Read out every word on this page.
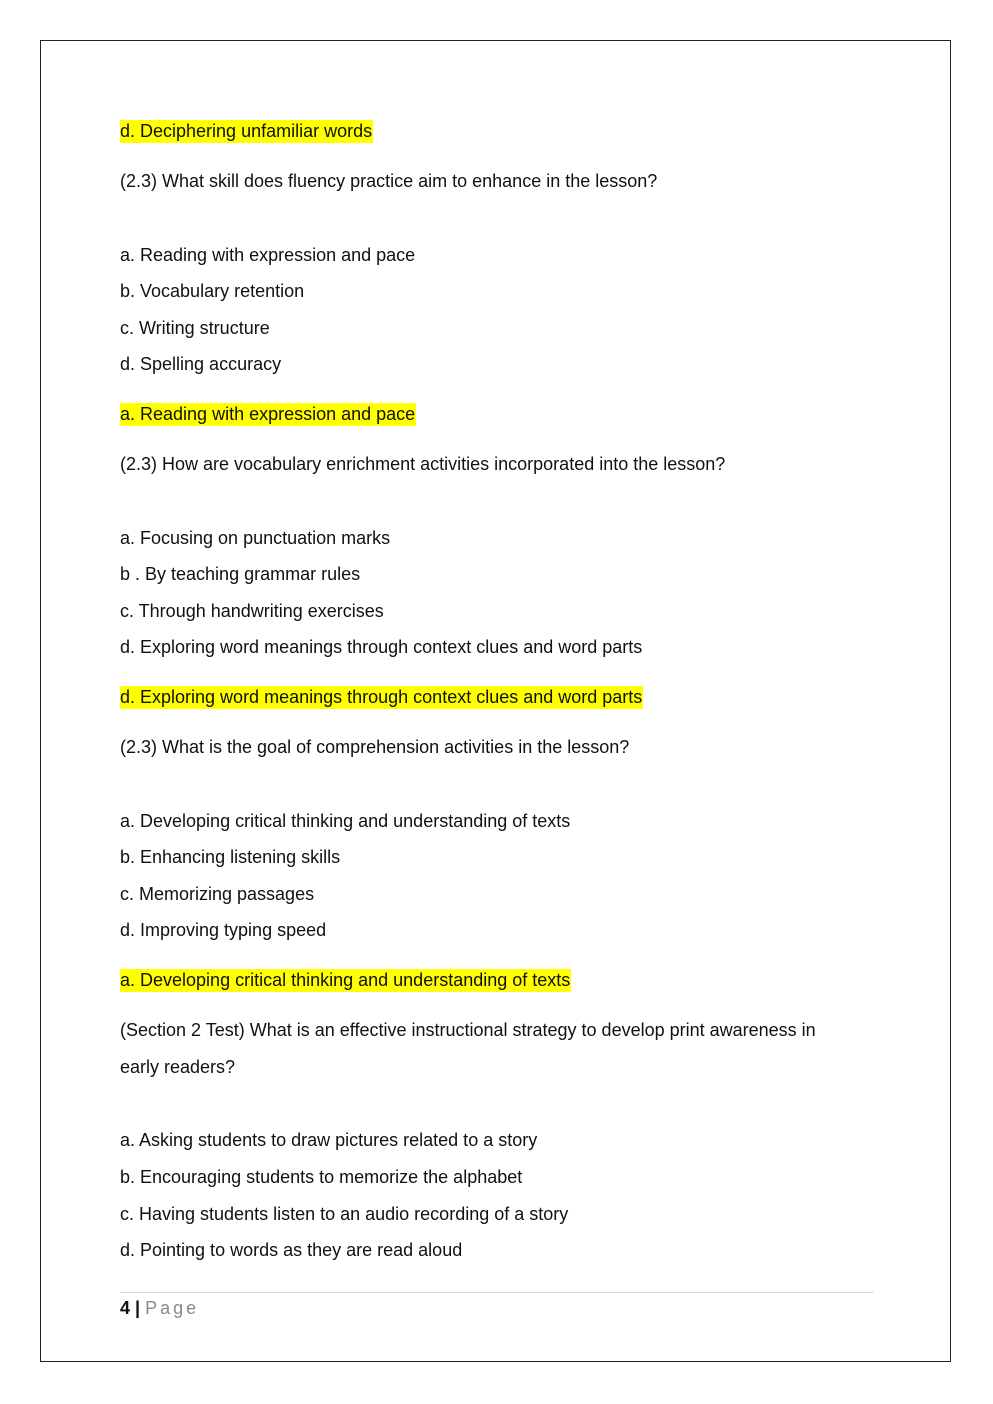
d. Deciphering unfamiliar words
(2.3) What skill does fluency practice aim to enhance in the lesson?
a. Reading with expression and pace
b. Vocabulary retention
c. Writing structure
d. Spelling accuracy
a. Reading with expression and pace
(2.3) How are vocabulary enrichment activities incorporated into the lesson?
a. Focusing on punctuation marks
b . By teaching grammar rules
c. Through handwriting exercises
d. Exploring word meanings through context clues and word parts
d. Exploring word meanings through context clues and word parts
(2.3) What is the goal of comprehension activities in the lesson?
a. Developing critical thinking and understanding of texts
b. Enhancing listening skills
c. Memorizing passages
d. Improving typing speed
a. Developing critical thinking and understanding of texts
(Section 2 Test) What is an effective instructional strategy to develop print awareness in
early readers?
a. Asking students to draw pictures related to a story
b. Encouraging students to memorize the alphabet
c. Having students listen to an audio recording of a story
d. Pointing to words as they are read aloud
4 | Page
